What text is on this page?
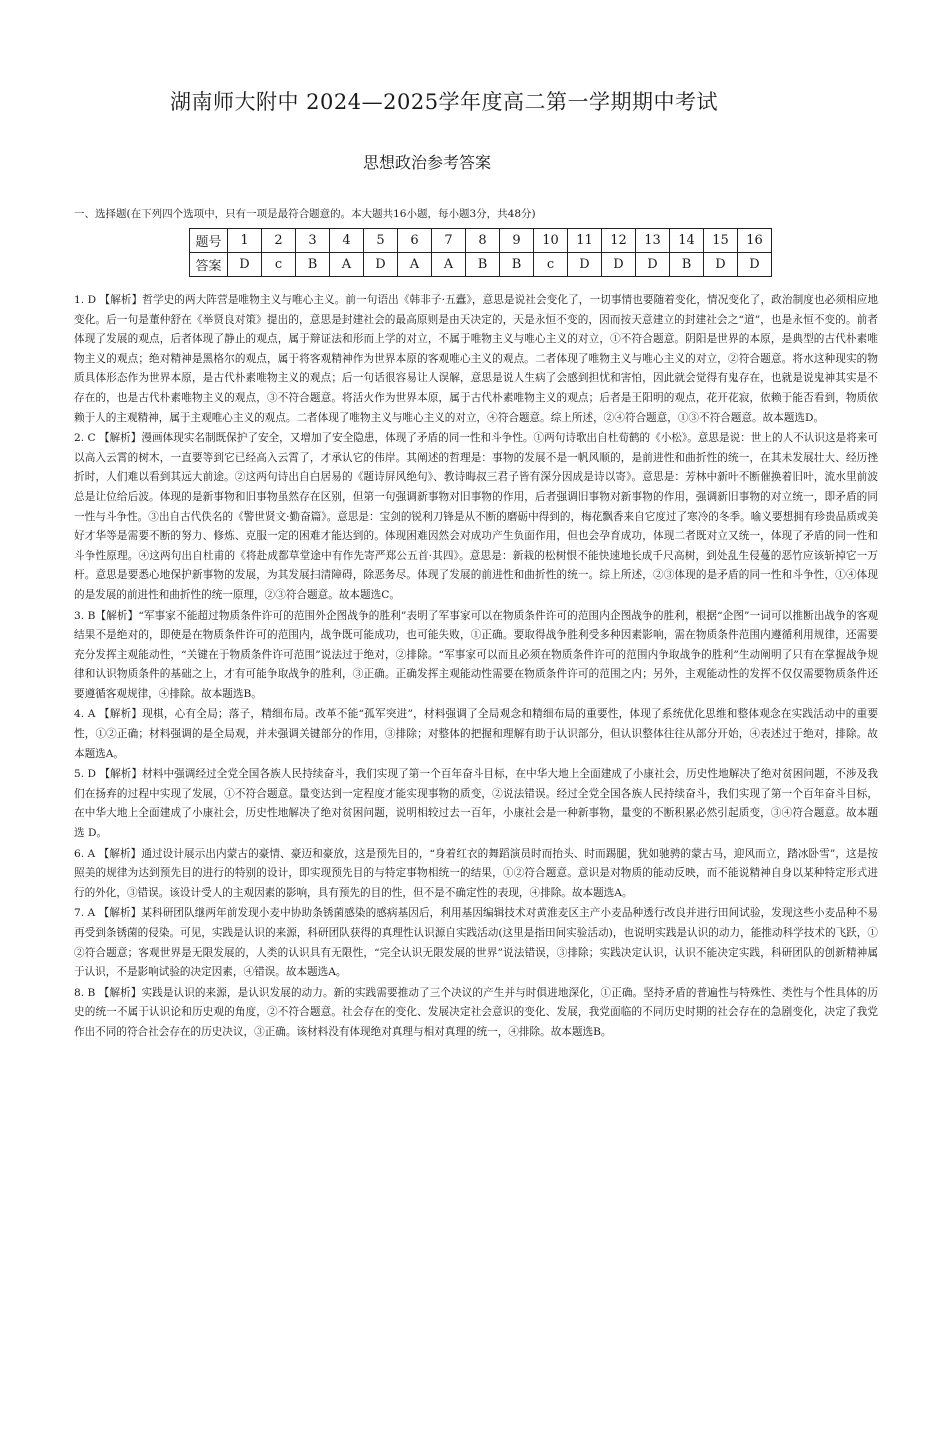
湖南师大附中 2024—2025学年度高二第一学期期中考试
思想政治参考答案
一、选择题(在下列四个选项中，只有一项是最符合题意的。本大题共16小题，每小题3分，共48分)
题号	1	2	3	4	5	6	7	8	9	10	11	12	13	14	15	16
答案	D	c	B	A	D	A	A	B	B	c	D	D	D	B	D	D

1. D 【解析】哲学史的两大阵营是唯物主义与唯心主义。前一句语出《韩非子·五蠹》，意思是说社会变化了，一切事情也要随着变化，情况变化了，政治制度也必须相应地变化。后一句是董仲舒在《举贤良对策》提出的，意思是封建社会的最高原则是由天决定的，天是永恒不变的，因而按天意建立的封建社会之“道”，也是永恒不变的。前者体现了发展的观点，后者体现了静止的观点，属于辩证法和形而上学的对立，不属于唯物主义与唯心主义的对立，①不符合题意。阴阳是世界的本原，是典型的古代朴素唯物主义的观点；绝对精神是黑格尔的观点，属于将客观精神作为世界本原的客观唯心主义的观点。二者体现了唯物主义与唯心主义的对立，②符合题意。将水这种现实的物质具体形态作为世界本原，是古代朴素唯物主义的观点；后一句话很容易让人误解，意思是说人生病了会感到担忧和害怕，因此就会觉得有鬼存在，也就是说鬼神其实是不存在的，也是古代朴素唯物主义的观点，③不符合题意。将活火作为世界本原，属于古代朴素唯物主义的观点；后者是王阳明的观点，花开花寂，依赖于能否看到，物质依赖于人的主观精神，属于主观唯心主义的观点。二者体现了唯物主义与唯心主义的对立，④符合题意。综上所述，②④符合题意，①③不符合题意。故本题选D。

2. C 【解析】漫画体现实名制既保护了安全，又增加了安全隐患，体现了矛盾的同一性和斗争性。①两句诗歌出自杜荀鹤的《小松》。意思是说：世上的人不认识这是将来可以高入云霄的树木，一直要等到它已经高入云霄了，才承认它的伟岸。其阐述的哲理是：事物的发展不是一帆风顺的，是前进性和曲折性的统一，在其未发展壮大、经历挫折时，人们难以看到其远大前途。②这两句诗出自白居易的《题诗屏风绝句》、教诗晦叔三君子皆有深分因成是诗以寄》。意思是：芳林中新叶不断催换着旧叶，流水里前波总是让位给后波。体现的是新事物和旧事物虽然存在区别，但第一句强调新事物对旧事物的作用，后者强调旧事物对新事物的作用，强调新旧事物的对立统一，即矛盾的同一性与斗争性。③出自古代佚名的《警世贤文·勤奋篇》。意思是：宝剑的锐利刀锋是从不断的磨砺中得到的，梅花飘香来自它度过了寒冷的冬季。喻义要想拥有珍贵品质或美好才华等是需要不断的努力、修炼、克服一定的困难才能达到的。体现困难因然会对成功产生负面作用，但也会孕育成功，体现二者既对立又统一，体现了矛盾的同一性和斗争性原理。④这两句出自杜甫的《将赴成都草堂途中有作先寄严郑公五首·其四》。意思是：新栽的松树恨不能快速地长成千尺高树，到处乱生侵蔓的恶竹应该斩掉它一万杆。意思是要悉心地保护新事物的发展，为其发展扫清障碍，除恶务尽。体现了发展的前进性和曲折性的统一。综上所述，②③体现的是矛盾的同一性和斗争性，①④体现的是发展的前进性和曲折性的统一原理，②③符合题意。故本题选C。

3. B【解析】“军事家不能超过物质条件许可的范围外企图战争的胜利”表明了军事家可以在物质条件许可的范围内企图战争的胜利，根据“企图”一词可以推断出战争的客观结果不是绝对的，即使是在物质条件许可的范围内，战争既可能成功，也可能失败，①正确。要取得战争胜利受多种因素影响，需在物质条件范围内遵循利用规律，还需要充分发挥主观能动性，“关键在于物质条件许可范围”说法过于绝对，②排除。“军事家可以而且必须在物质条件许可的范围内争取战争的胜利”生动阐明了只有在掌握战争规律和认识物质条件的基础之上，才有可能争取战争的胜利，③正确。正确发挥主观能动性需要在物质条件许可的范围之内；另外，主观能动性的发挥不仅仅需要物质条件还要遵循客观规律，④排除。故本题选B。

4. A 【解析】现棋，心有全局；落子，精细布局。改革不能“孤军突进”，材料强调了全局观念和精细布局的重要性，体现了系统优化思维和整体观念在实践活动中的重要性，①②正确；材料强调的是全局观，并未强调关键部分的作用，③排除；对整体的把握和理解有助于认识部分，但认识整体往往从部分开始，④表述过于绝对，排除。故本题选A。

5. D 【解析】材料中强调经过全党全国各族人民持续奋斗，我们实现了第一个百年奋斗目标，在中华大地上全面建成了小康社会，历史性地解决了绝对贫困问题，不涉及我们在扬弃的过程中实现了发展，①不符合题意。量变达到一定程度才能实现事物的质变，②说法错误。经过全党全国各族人民持续奋斗，我们实现了第一个百年奋斗目标，在中华大地上全面建成了小康社会，历史性地解决了绝对贫困问题，说明相较过去一百年，小康社会是一种新事物，量变的不断积累必然引起质变，③④符合题意。故本题选 D。

6. A 【解析】通过设计展示出内蒙古的豪情、豪迈和豪放，这是预先目的，“身着红衣的舞蹈演员时而抬头、时而踢腿，犹如驰骋的蒙古马，迎风而立，踏冰卧雪”，这是按照美的规律为达到预先目的进行的特别的设计，即实现预先目的与特定事物相统一的结果，①②符合题意。意识是对物质的能动反映，而不能说精神自身以某种特定形式进行的外化，③错误。该设计受人的主观因素的影响，具有预先的目的性，但不是不确定性的表现，④排除。故本题选A。

7. A 【解析】某科研团队继两年前发现小麦中协助条锈菌感染的感病基因后，利用基因编辑技术对黄淮麦区主产小麦品种透行改良并进行田间试验，发现这些小麦品种不易再受到条锈菌的侵染。可见，实践是认识的来源，科研团队获得的真理性认识源自实践活动(这里是指田间实验活动)，也说明实践是认识的动力，能推动科学技术的飞跃，①②符合题意；客观世界是无限发展的，人类的认识具有无限性，“完全认识无限发展的世界”说法错误，③排除；实践决定认识，认识不能决定实践，科研团队的创新精神属于认识，不是影响试验的决定因素，④错误。故本题选A。

8. B 【解析】实践是认识的来源，是认识发展的动力。新的实践需要推动了三个决议的产生并与时俱进地深化，①正确。坚持矛盾的普遍性与特殊性、类性与个性具体的历史的统一不属于认识论和历史观的角度，②不符合题意。社会存在的变化、发展决定社会意识的变化、发展，我党面临的不同历史时期的社会存在的急剧变化，决定了我党作出不同的符合社会存在的历史决议，③正确。该材料没有体现绝对真理与相对真理的统一，④排除。故本题选B。
